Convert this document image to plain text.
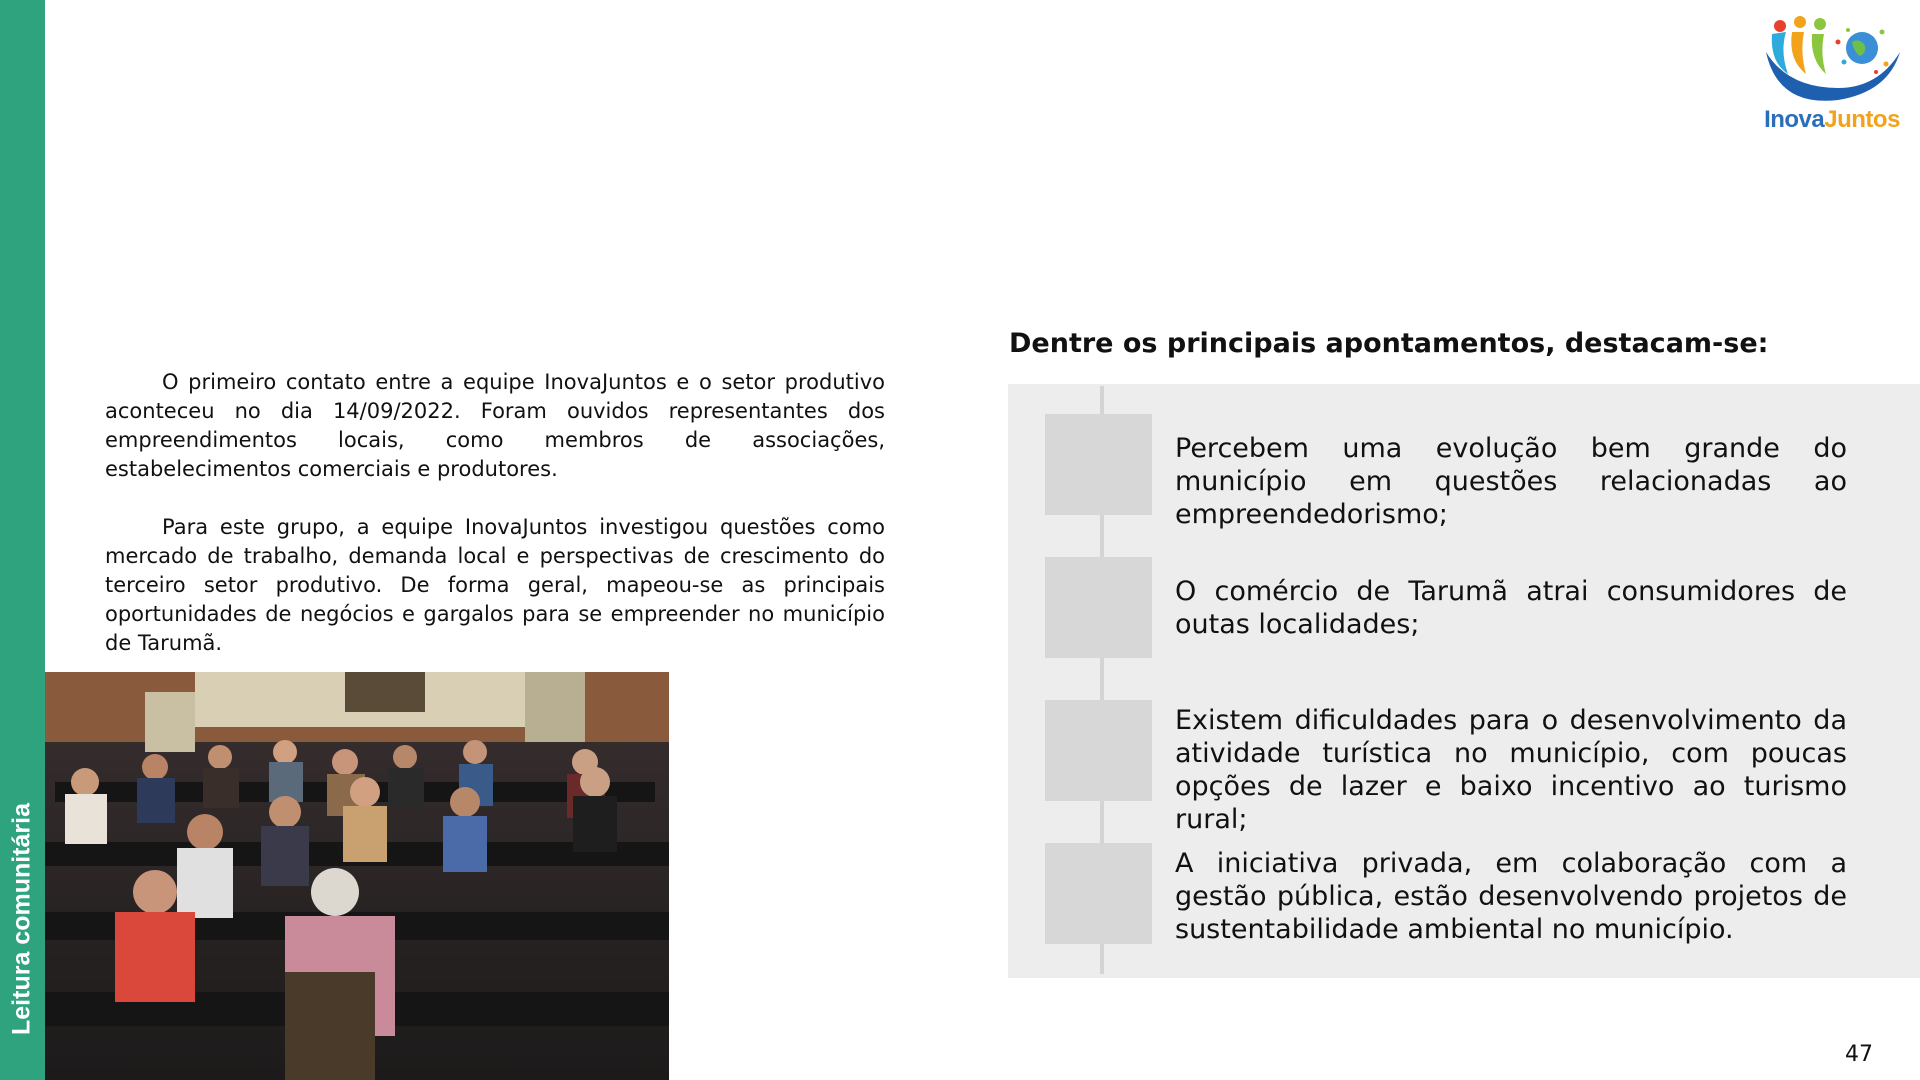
Leitura comunitária
InovaJuntos

O primeiro contato entre a equipe InovaJuntos e o setor produtivo aconteceu no dia 14/09/2022. Foram ouvidos representantes dos empreendimentos locais, como membros de associações, estabelecimentos comerciais e produtores.

Para este grupo, a equipe InovaJuntos investigou questões como mercado de trabalho, demanda local e perspectivas de crescimento do terceiro setor produtivo. De forma geral, mapeou-se as principais oportunidades de negócios e gargalos para se empreender no município de Tarumã.

Dentre os principais apontamentos, destacam-se:
Percebem uma evolução bem grande do município em questões relacionadas ao empreendedorismo;
O comércio de Tarumã atrai consumidores de outas localidades;
Existem dificuldades para o desenvolvimento da atividade turística no município, com poucas opções de lazer e baixo incentivo ao turismo rural;
A iniciativa privada, em colaboração com a gestão pública, estão desenvolvendo projetos de sustentabilidade ambiental no município.
47
